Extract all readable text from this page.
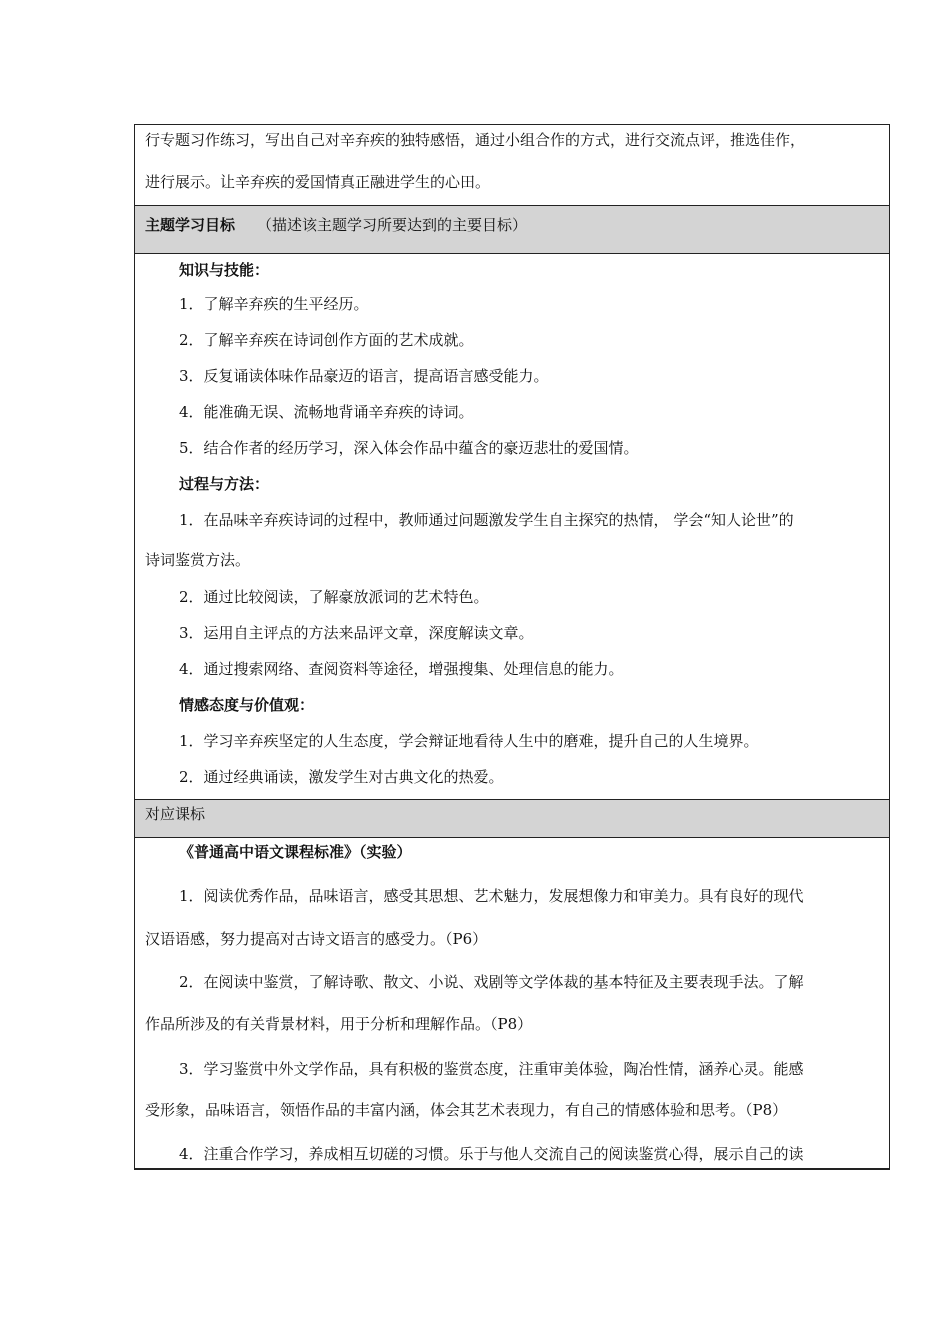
行专题习作练习，写出自己对辛弃疾的独特感悟，通过小组合作的方式，进行交流点评，推选佳作，
进行展示。让辛弃疾的爱国情真正融进学生的心田。
主题学习目标 （描述该主题学习所要达到的主要目标）
知识与技能：
1．了解辛弃疾的生平经历。
2．了解辛弃疾在诗词创作方面的艺术成就。
3．反复诵读体味作品豪迈的语言，提高语言感受能力。
4．能准确无误、流畅地背诵辛弃疾的诗词。
5．结合作者的经历学习，深入体会作品中蕴含的豪迈悲壮的爱国情。
过程与方法：
1．在品味辛弃疾诗词的过程中，教师通过问题激发学生自主探究的热情， 学会“知人论世”的
诗词鉴赏方法。
2．通过比较阅读，了解豪放派词的艺术特色。
3．运用自主评点的方法来品评文章，深度解读文章。
4．通过搜索网络、查阅资料等途径，增强搜集、处理信息的能力。
情感态度与价值观：
1．学习辛弃疾坚定的人生态度，学会辩证地看待人生中的磨难，提升自己的人生境界。
2．通过经典诵读，激发学生对古典文化的热爱。
对应课标
《普通高中语文课程标准》（实验）
1．阅读优秀作品，品味语言，感受其思想、艺术魅力，发展想像力和审美力。具有良好的现代
汉语语感，努力提高对古诗文语言的感受力。（P6）
2．在阅读中鉴赏，了解诗歌、散文、小说、戏剧等文学体裁的基本特征及主要表现手法。了解
作品所涉及的有关背景材料，用于分析和理解作品。（P8）
3．学习鉴赏中外文学作品，具有积极的鉴赏态度，注重审美体验，陶冶性情，涵养心灵。能感
受形象，品味语言，领悟作品的丰富内涵，体会其艺术表现力，有自己的情感体验和思考。（P8）
4．注重合作学习，养成相互切磋的习惯。乐于与他人交流自己的阅读鉴赏心得，展示自己的读
